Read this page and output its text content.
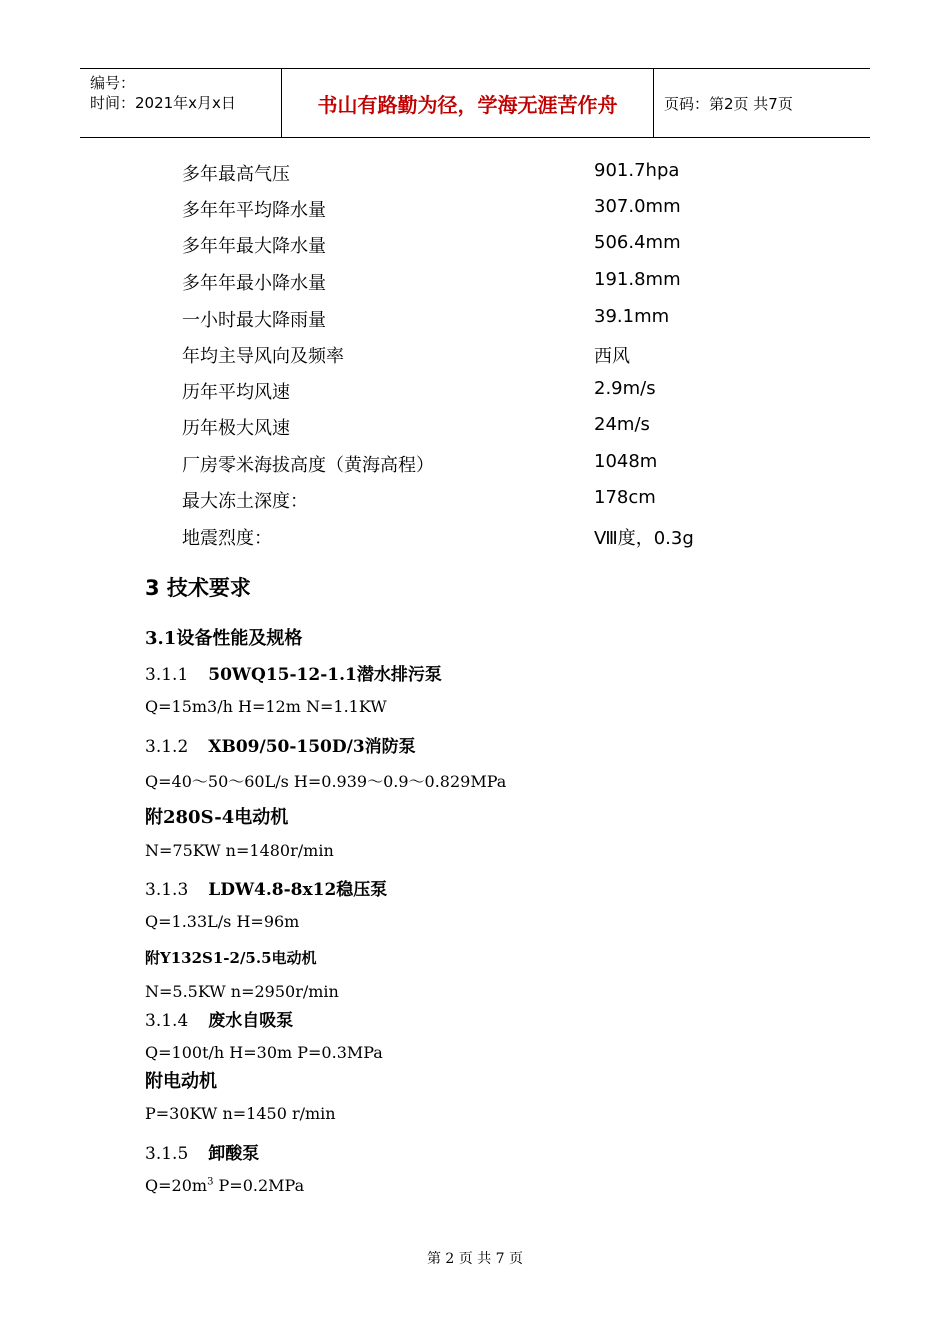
编号：
时间：2021年x月x日	书山有路勤为径，学海无涯苦作舟	页码：第2页 共7页
多年最高气压	901.7hpa
多年年平均降水量	307.0mm
多年年最大降水量	506.4mm
多年年最小降水量	191.8mm
一小时最大降雨量	39.1mm
年均主导风向及频率	西风
历年平均风速	2.9m/s
历年极大风速	24m/s
厂房零米海拔高度（黄海高程）	1048m
最大冻土深度：	178cm
地震烈度：	Ⅷ度，0.3g
3 技术要求
3.1设备性能及规格
3.1.1 50WQ15-12-1.1潜水排污泵
Q=15m3/h H=12m N=1.1KW
3.1.2 XB09/50-150D/3消防泵
Q=40～50～60L/s H=0.939～0.9～0.829MPa
附280S-4电动机
N=75KW n=1480r/min
3.1.3 LDW4.8-8x12稳压泵
Q=1.33L/s H=96m
附Y132S1-2/5.5电动机
N=5.5KW n=2950r/min
3.1.4 废水自吸泵
Q=100t/h H=30m P=0.3MPa
附电动机
P=30KW n=1450 r/min
3.1.5 卸酸泵
$Q=20m^3$ P=0.2MPa
第 2 页 共 7 页
